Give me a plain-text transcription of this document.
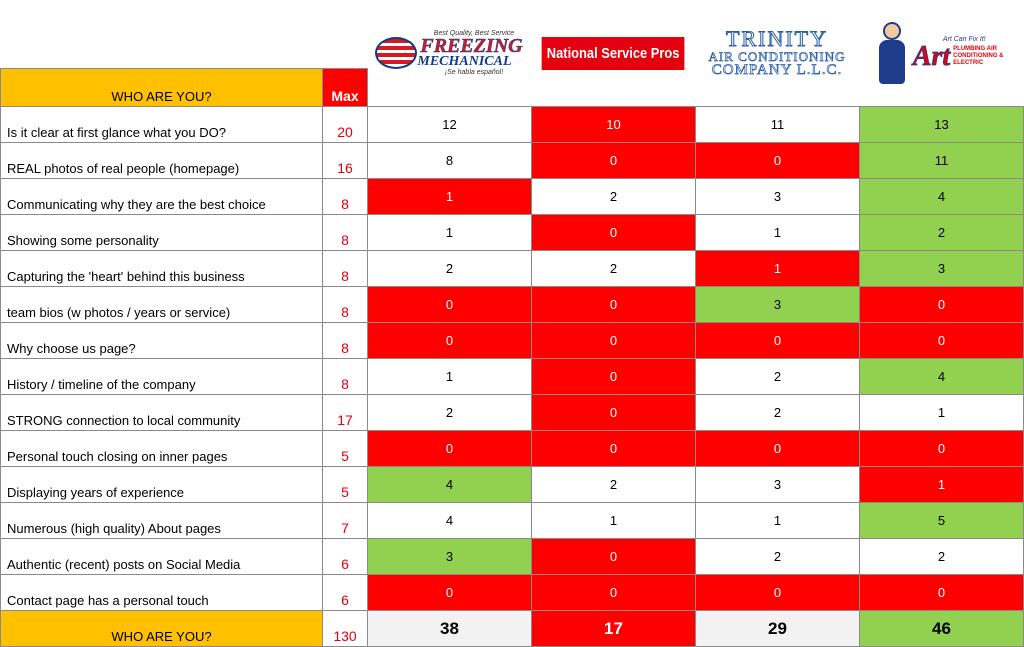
Best Quality, Best Service
FREEZING
MECHANICAL
¡Se habla español!
National Service Pros
TRINITY
AIR CONDITIONING
COMPANY L.L.C.
Art Can Fix It!
Art PLUMBING AIR CONDITIONING & ELECTRIC
WHO ARE YOU?	Max				
Is it clear at first glance what you DO?	20	12	10	11	13
REAL photos of real people (homepage)	16	8	0	0	11
Communicating why they are the best choice	8	1	2	3	4
Showing some personality	8	1	0	1	2
Capturing the 'heart' behind this business	8	2	2	1	3
team bios (w photos / years or service)	8	0	0	3	0
Why choose us page?	8	0	0	0	0
History / timeline of the company	8	1	0	2	4
STRONG connection to local community	17	2	0	2	1
Personal touch closing on inner pages	5	0	0	0	0
Displaying years of experience	5	4	2	3	1
Numerous (high quality) About pages	7	4	1	1	5
Authentic (recent) posts on Social Media	6	3	0	2	2
Contact page has a personal touch	6	0	0	0	0
WHO ARE YOU?	130	38	17	29	46
